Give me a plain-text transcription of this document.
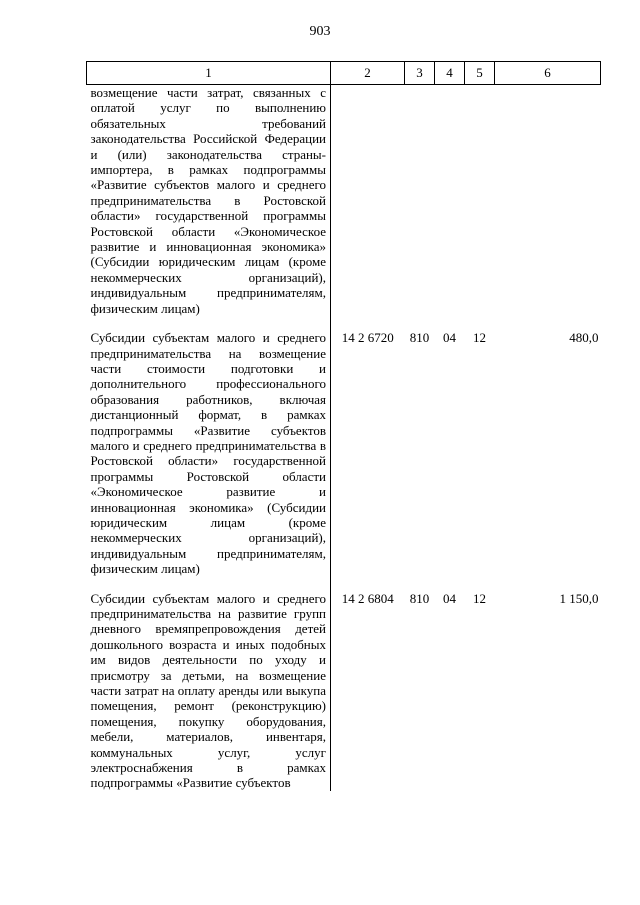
903
1	2	3	4	5	6
возмещение части затрат, связанных с оплатой услуг по выполнению обязательных требований законодательства Российской Федерации и (или) законодательства страны-импортера, в рамках подпрограммы «Развитие субъектов малого и среднего предпринимательства в Ростовской области» государственной программы Ростовской области «Экономическое развитие и инновационная экономика» (Субсидии юридическим лицам (кроме некоммерческих организаций), индивидуальным предпринимателям, физическим лицам)					
Субсидии субъектам малого и среднего предпринимательства на возмещение части стоимости подготовки и дополнительного профессионального образования работников, включая дистанционный формат, в рамках подпрограммы «Развитие субъектов малого и среднего предпринимательства в Ростовской области» государственной программы Ростовской области «Экономическое развитие и инновационная экономика» (Субсидии юридическим лицам (кроме некоммерческих организаций), индивидуальным предпринимателям, физическим лицам)	14 2 6720	810	04	12	480,0
Субсидии субъектам малого и среднего предпринимательства на развитие групп дневного времяпрепровождения детей дошкольного возраста и иных подобных им видов деятельности по уходу и присмотру за детьми, на возмещение части затрат на оплату аренды или выкупа помещения, ремонт (реконструкцию) помещения, покупку оборудования, мебели, материалов, инвентаря, коммунальных услуг, услуг электроснабжения в рамках подпрограммы «Развитие субъектов	14 2 6804	810	04	12	1 150,0
